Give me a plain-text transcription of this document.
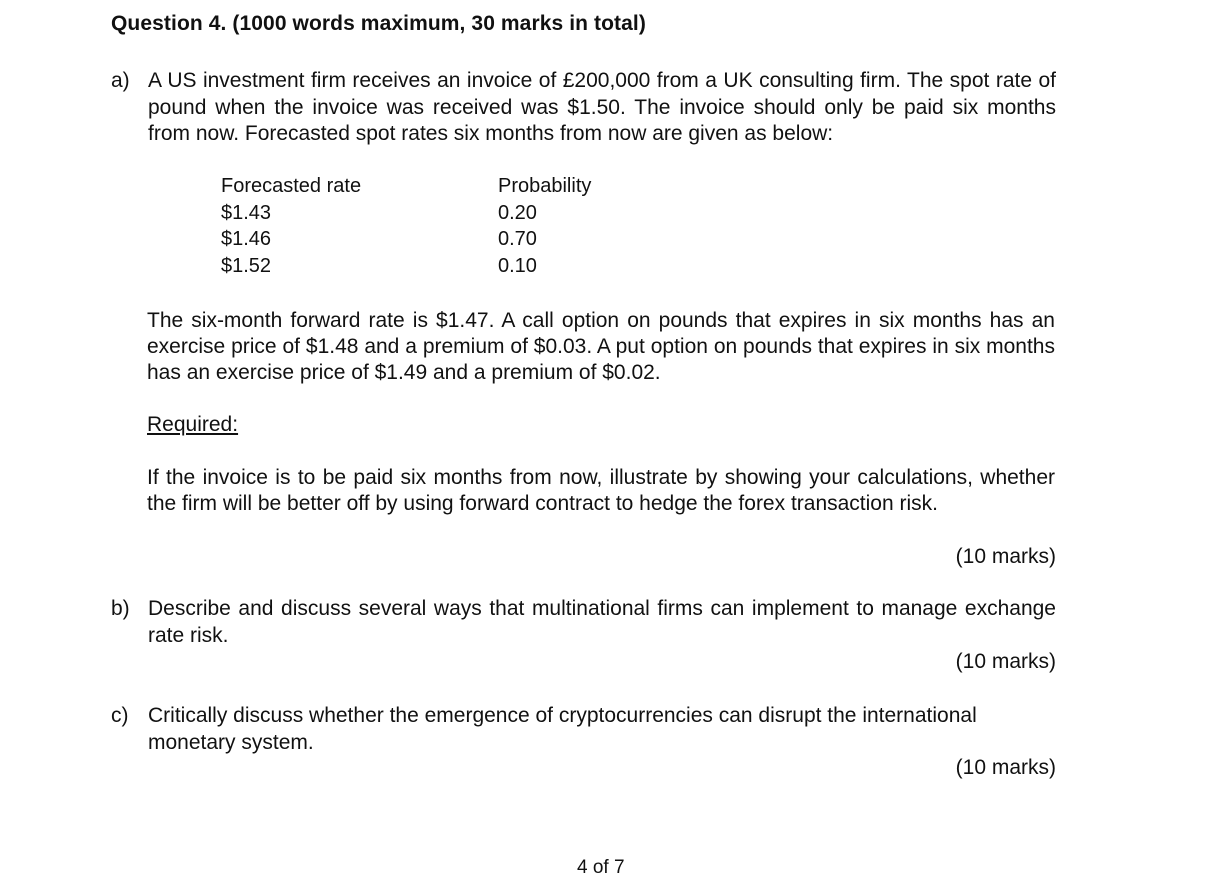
Question 4. (1000 words maximum, 30 marks in total)
a) A US investment firm receives an invoice of £200,000 from a UK consulting firm. The spot rate of pound when the invoice was received was $1.50. The invoice should only be paid six months from now. Forecasted spot rates six months from now are given as below:
Forecasted rate
$1.43
$1.46
$1.52
Probability
0.20
0.70
0.10
The six-month forward rate is $1.47. A call option on pounds that expires in six months has an exercise price of $1.48 and a premium of $0.03. A put option on pounds that expires in six months has an exercise price of $1.49 and a premium of $0.02.
Required:
If the invoice is to be paid six months from now, illustrate by showing your calculations, whether the firm will be better off by using forward contract to hedge the forex transaction risk.
(10 marks)
b) Describe and discuss several ways that multinational firms can implement to manage exchange rate risk.
(10 marks)
c) Critically discuss whether the emergence of cryptocurrencies can disrupt the international monetary system.
(10 marks)
4 of 7
